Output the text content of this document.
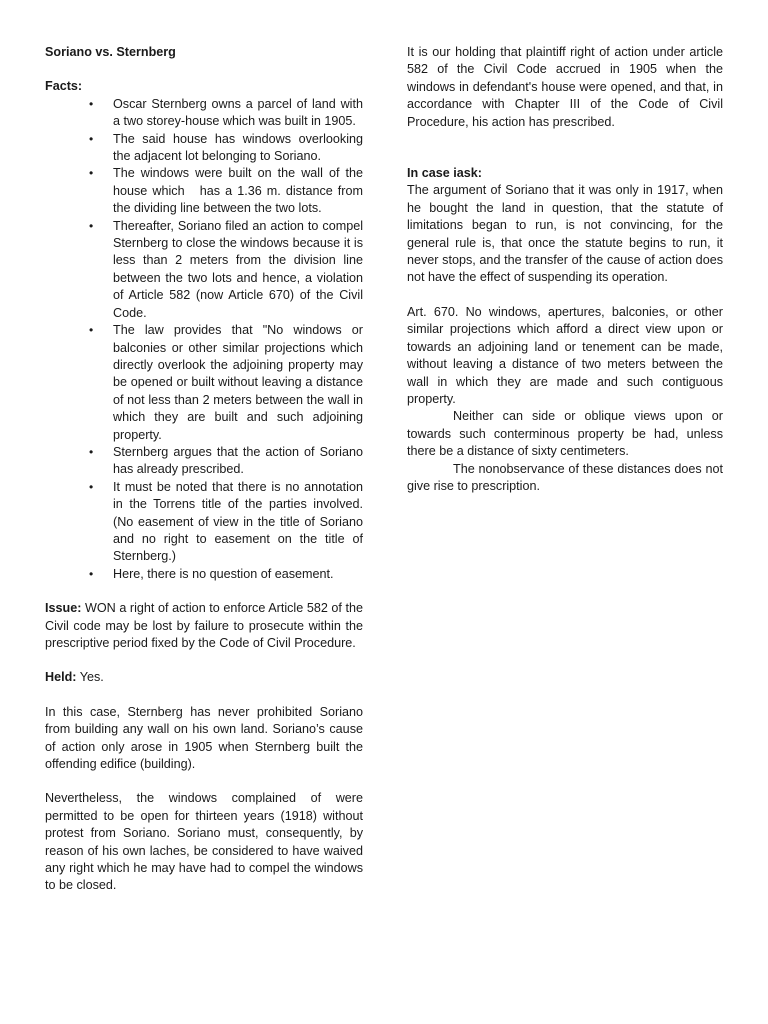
Soriano vs. Sternberg

Facts:

• Oscar Sternberg owns a parcel of land with a two storey-house which was built in 1905.
• The said house has windows overlooking the adjacent lot belonging to Soriano.
• The windows were built on the wall of the house which   has a 1.36 m. distance from the dividing line between the two lots.
• Thereafter, Soriano filed an action to compel Sternberg to close the windows because it is less than 2 meters from the division line between the two lots and hence, a violation of Article 582 (now Article 670) of the Civil Code.
• The law provides that "No windows or balconies or other similar projections which directly overlook the adjoining property may be opened or built without leaving a distance of not less than 2 meters between the wall in which they are built and such adjoining property.
• Sternberg argues that the action of Soriano has already prescribed.
• It must be noted that there is no annotation in the Torrens title of the parties involved. (No easement of view in the title of Soriano and no right to easement on the title of Sternberg.)
• Here, there is no question of easement.

Issue: WON a right of action to enforce Article 582 of the Civil code may be lost by failure to prosecute within the prescriptive period fixed by the Code of Civil Procedure.

Held: Yes.

In this case, Sternberg has never prohibited Soriano from building any wall on his own land. Soriano’s cause of action only arose in 1905 when Sternberg built the offending edifice (building).

Nevertheless, the windows complained of were permitted to be open for thirteen years (1918) without protest from Soriano. Soriano must, consequently, by reason of his own laches, be considered to have waived any right which he may have had to compel the windows to be closed.

It is our holding that plaintiff right of action under article 582 of the Civil Code accrued in 1905 when the windows in defendant's house were opened, and that, in accordance with Chapter III of the Code of Civil Procedure, his action has prescribed.

In case iask:

The argument of Soriano that it was only in 1917, when he bought the land in question, that the statute of limitations began to run, is not convincing, for the general rule is, that once the statute begins to run, it never stops, and the transfer of the cause of action does not have the effect of suspending its operation.

Art. 670. No windows, apertures, balconies, or other similar projections which afford a direct view upon or towards an adjoining land or tenement can be made, without leaving a distance of two meters between the wall in which they are made and such contiguous property.

Neither can side or oblique views upon or towards such conterminous property be had, unless there be a distance of sixty centimeters.

The nonobservance of these distances does not give rise to prescription.
